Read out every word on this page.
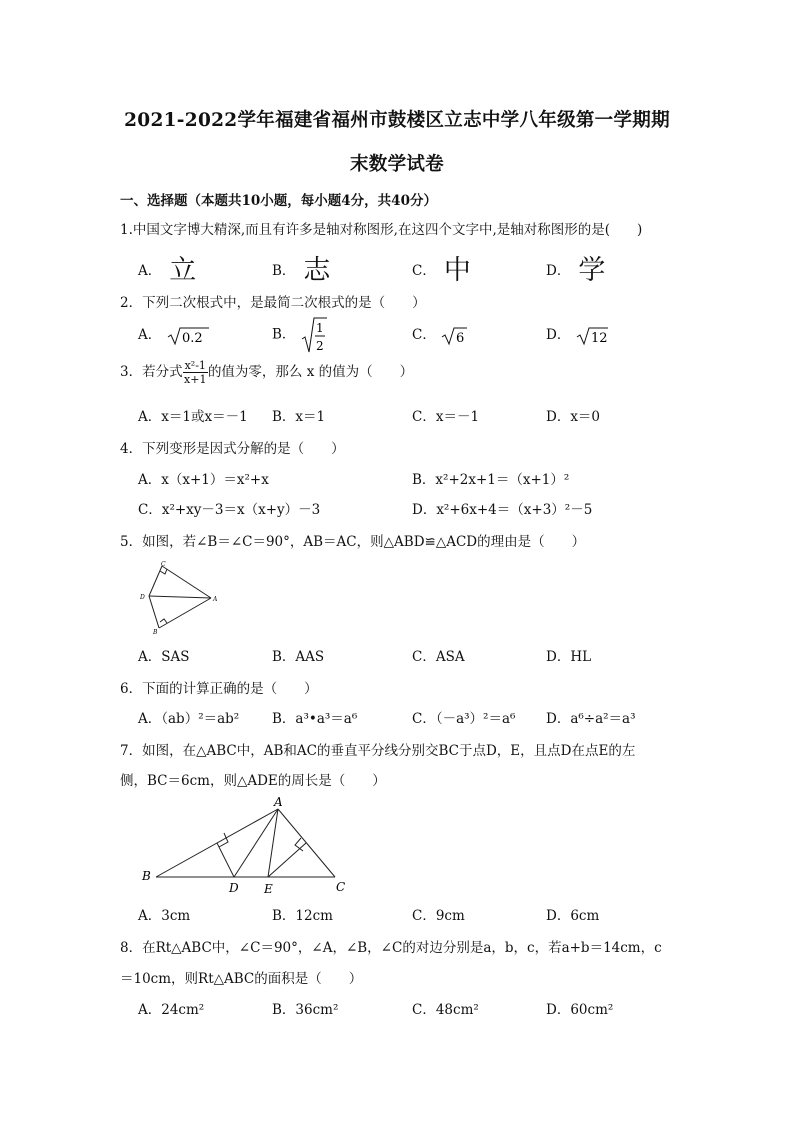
2021-2022学年福建省福州市鼓楼区立志中学八年级第一学期期
末数学试卷
一、选择题（本题共10小题，每小题4分，共40分）
1.中国文字博大精深,而且有许多是轴对称图形,在这四个文字中,是轴对称图形的是(　　)
A． 立	B． 志	C． 中	D． 学
2．下列二次根式中，是最简二次根式的是（　　）
A． 0.2	B． 1
2
C． 6	D． 12
3．若分式 $\frac{\text{x²-1}}{x+1}$ 的值为零，那么 x 的值为（　　）
A．x＝1或x＝－1 B．x＝1	C．x＝－1	D．x＝0
4．下列变形是因式分解的是（　　）
A．x（x+1）＝x²+x	B．x²+2x+1＝（x+1）²
C．x²+xy－3＝x（x+y）－3	D．x²+6x+4＝（x+3）²－5
5．如图，若∠B＝∠C＝90°，AB＝AC，则△ABD≌△ACD的理由是（　　）
C
D	A
B
A．SAS	B．AAS	C．ASA	D．HL
6．下面的计算正确的是（　　）
A．（ab）²＝ab² B．a³•a³＝a⁶	C．（－a³）²＝a⁶ D．a⁶÷a²＝a³
7．如图，在△ABC中，AB和AC的垂直平分线分别交BC于点D，E，且点D在点E的左
侧，BC＝6cm，则△ADE的周长是（　　）
A
B
D E	C
A．3cm	B．12cm	C．9cm	D．6cm
8．在Rt△ABC中，∠C＝90°，∠A，∠B，∠C的对边分别是a，b，c，若a+b＝14cm，c
＝10cm，则Rt△ABC的面积是（　　）
A．24cm²	B．36cm²	C．48cm²	D．60cm²
